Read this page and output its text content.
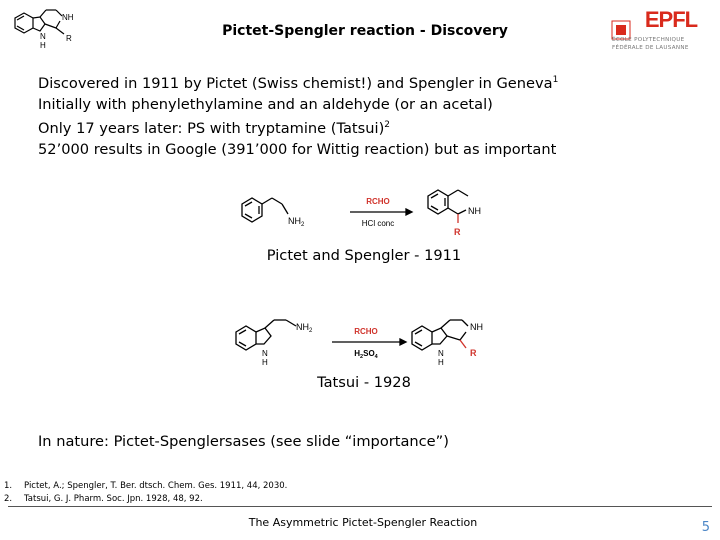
NH
N
H
R	Pictet-Spengler reaction - Discovery	EPFL
ÉCOLE POLYTECHNIQUE
FÉDÉRALE DE LAUSANNE
Discovered in 1911 by Pictet (Swiss chemist!) and Spengler in Geneva$^1$
Initially with phenylethylamine and an aldehyde (or an acetal)
Only 17 years later: PS with tryptamine (Tatsui)$^2$
52’000 results in Google (391’000 for Wittig reaction) but as important
$NH_2$
RCHO
HCl conc
NH
R
Pictet and Spengler - 1911
$NH_2$
N
H
RCHO
$H_2SO_4$
NH
R
N
H
Tatsui - 1928
In nature: Pictet-Spenglersases (see slide “importance”)
1. Pictet, A.; Spengler, T. Ber. dtsch. Chem. Ges. 1911, 44, 2030.
2. Tatsui, G. J. Pharm. Soc. Jpn. 1928, 48, 92.
The Asymmetric Pictet-Spengler Reaction	5
